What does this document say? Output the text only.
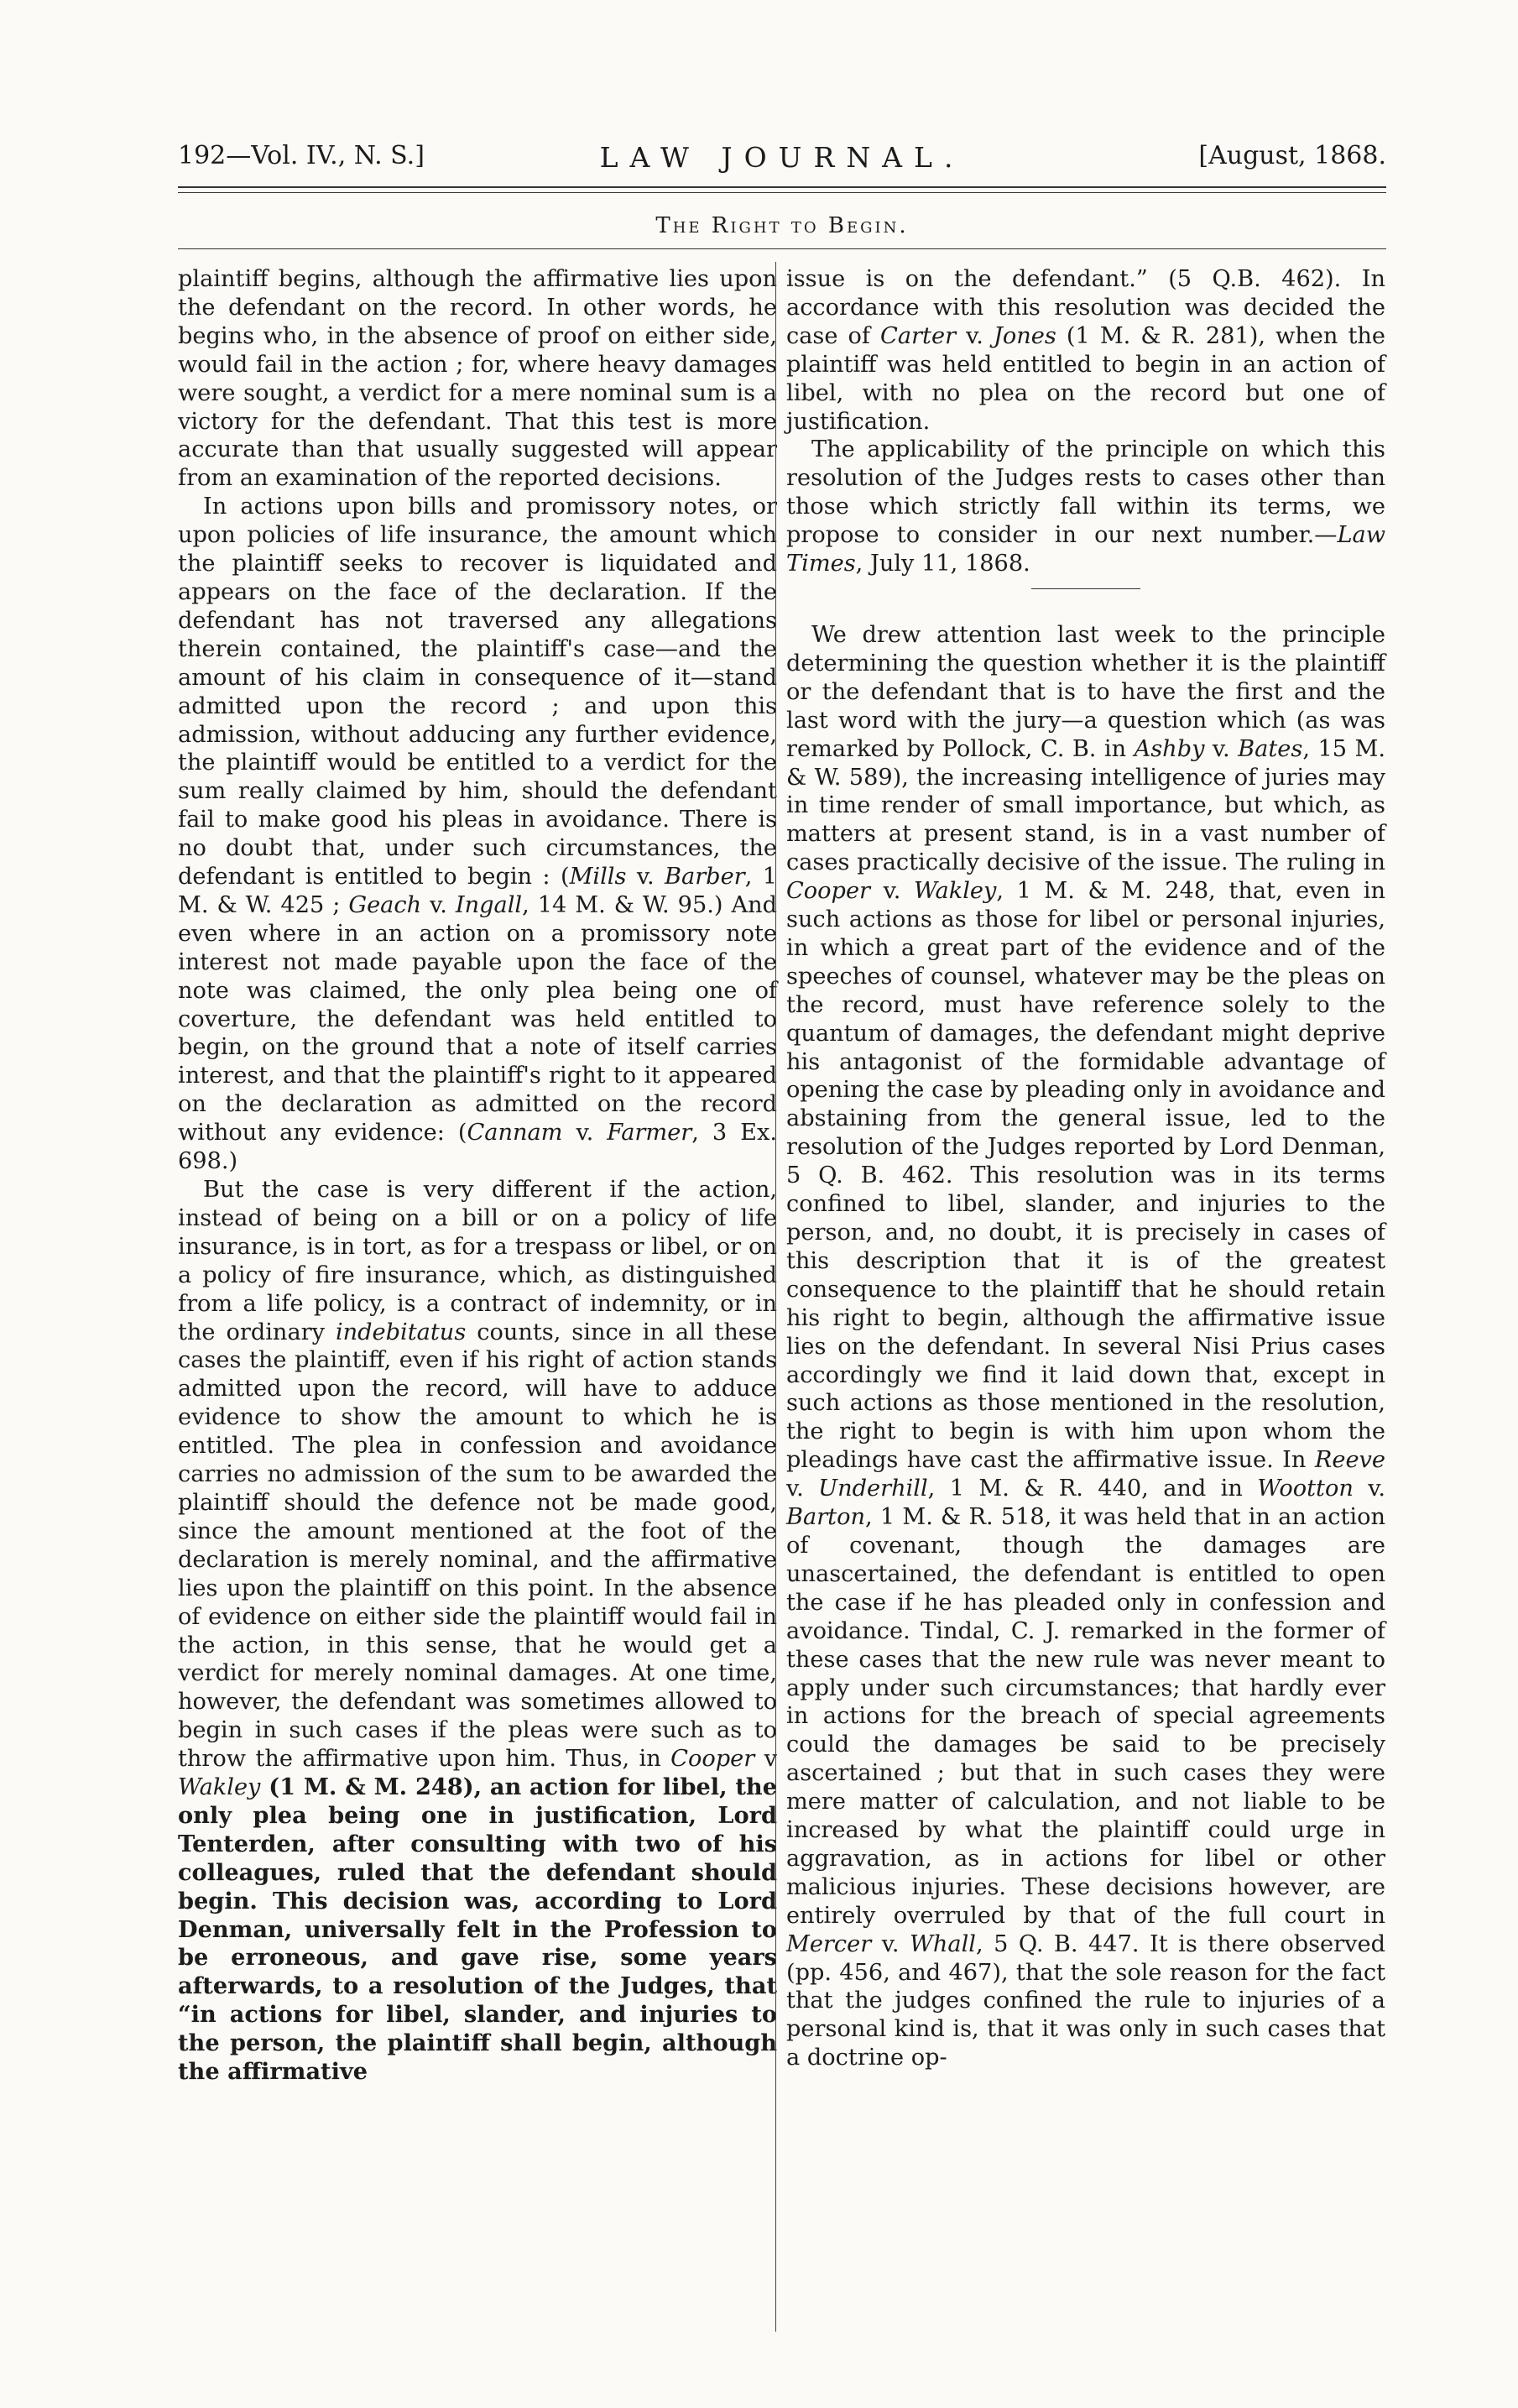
192—Vol. IV., N. S.]	LAW JOURNAL.	[August, 1868.
The Right to Begin.

plaintiff begins, although the affirmative lies upon the defendant on the record. In other words, he begins who, in the absence of proof on either side, would fail in the action ; for, where heavy damages were sought, a verdict for a mere nominal sum is a victory for the defendant. That this test is more accurate than that usually suggested will appear from an examination of the reported decisions.

In actions upon bills and promissory notes, or upon policies of life insurance, the amount which the plaintiff seeks to recover is liquidated and appears on the face of the declaration. If the defendant has not traversed any allegations therein contained, the plaintiff's case—and the amount of his claim in consequence of it—stand admitted upon the record ; and upon this admission, without adducing any further evidence, the plaintiff would be entitled to a verdict for the sum really claimed by him, should the defendant fail to make good his pleas in avoidance. There is no doubt that, under such circumstances, the defendant is entitled to begin : (Mills v. Barber, 1 M. & W. 425 ; Geach v. Ingall, 14 M. & W. 95.) And even where in an action on a promissory note interest not made payable upon the face of the note was claimed, the only plea being one of coverture, the defendant was held entitled to begin, on the ground that a note of itself carries interest, and that the plaintiff's right to it appeared on the declaration as admitted on the record without any evidence: (Cannam v. Farmer, 3 Ex. 698.)

But the case is very different if the action, instead of being on a bill or on a policy of life insurance, is in tort, as for a trespass or libel, or on a policy of fire insurance, which, as distinguished from a life policy, is a contract of indemnity, or in the ordinary indebitatus counts, since in all these cases the plaintiff, even if his right of action stands admitted upon the record, will have to adduce evidence to show the amount to which he is entitled. The plea in confession and avoidance carries no admission of the sum to be awarded the plaintiff should the defence not be made good, since the amount mentioned at the foot of the declaration is merely nominal, and the affirmative lies upon the plaintiff on this point. In the absence of evidence on either side the plaintiff would fail in the action, in this sense, that he would get a verdict for merely nominal damages. At one time, however, the defendant was sometimes allowed to begin in such cases if the pleas were such as to throw the affirmative upon him. Thus, in Cooper v Wakley (1 M. & M. 248), an action for libel, the only plea being one in justification, Lord Tenterden, after consulting with two of his colleagues, ruled that the defendant should begin. This decision was, according to Lord Denman, universally felt in the Profession to be erroneous, and gave rise, some years afterwards, to a resolution of the Judges, that “in actions for libel, slander, and injuries to the person, the plaintiff shall begin, although the affirmative

issue is on the defendant.” (5 Q.B. 462). In accordance with this resolution was decided the case of Carter v. Jones (1 M. & R. 281), when the plaintiff was held entitled to begin in an action of libel, with no plea on the record but one of justification.

The applicability of the principle on which this resolution of the Judges rests to cases other than those which strictly fall within its terms, we propose to consider in our next number.—Law Times, July 11, 1868.

We drew attention last week to the principle determining the question whether it is the plaintiff or the defendant that is to have the first and the last word with the jury—a question which (as was remarked by Pollock, C. B. in Ashby v. Bates, 15 M. & W. 589), the increasing intelligence of juries may in time render of small importance, but which, as matters at present stand, is in a vast number of cases practically decisive of the issue. The ruling in Cooper v. Wakley, 1 M. & M. 248, that, even in such actions as those for libel or personal injuries, in which a great part of the evidence and of the speeches of counsel, whatever may be the pleas on the record, must have reference solely to the quantum of damages, the defendant might deprive his antagonist of the formidable advantage of opening the case by pleading only in avoidance and abstaining from the general issue, led to the resolution of the Judges reported by Lord Denman, 5 Q. B. 462. This resolution was in its terms confined to libel, slander, and injuries to the person, and, no doubt, it is precisely in cases of this description that it is of the greatest consequence to the plaintiff that he should retain his right to begin, although the affirmative issue lies on the defendant. In several Nisi Prius cases accordingly we find it laid down that, except in such actions as those mentioned in the resolution, the right to begin is with him upon whom the pleadings have cast the affirmative issue. In Reeve v. Underhill, 1 M. & R. 440, and in Wootton v. Barton, 1 M. & R. 518, it was held that in an action of covenant, though the damages are unascertained, the defendant is entitled to open the case if he has pleaded only in confession and avoidance. Tindal, C. J. remarked in the former of these cases that the new rule was never meant to apply under such circumstances; that hardly ever in actions for the breach of special agreements could the damages be said to be precisely ascertained ; but that in such cases they were mere matter of calculation, and not liable to be increased by what the plaintiff could urge in aggravation, as in actions for libel or other malicious injuries. These decisions however, are entirely overruled by that of the full court in Mercer v. Whall, 5 Q. B. 447. It is there observed (pp. 456, and 467), that the sole reason for the fact that the judges confined the rule to injuries of a personal kind is, that it was only in such cases that a doctrine op-
